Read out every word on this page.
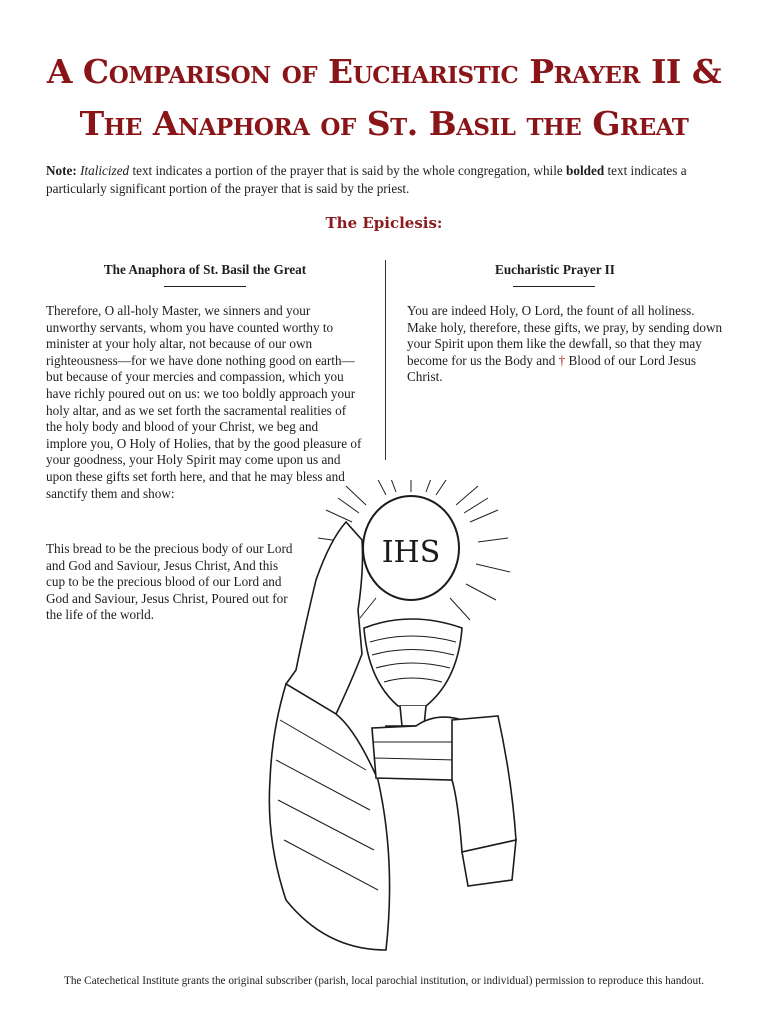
A Comparison of Eucharistic Prayer II &
The Anaphora of St. Basil the Great

Note: Italicized text indicates a portion of the prayer that is said by the whole congregation, while bolded text indicates a particularly significant portion of the prayer that is said by the priest.

The Epiclesis:
The Anaphora of St. Basil the Great	Eucharistic Prayer II

Therefore, O all-holy Master, we sinners and your unworthy servants, whom you have counted worthy to minister at your holy altar, not because of our own righteousness—for we have done nothing good on earth—but because of your mercies and compassion, which you have richly poured out on us: we too boldly approach your holy altar, and as we set forth the sacramental realities of the holy body and blood of your Christ, we beg and implore you, O Holy of Holies, that by the good pleasure of your goodness, your Holy Spirit may come upon us and upon these gifts set forth here, and that he may bless and sanctify them and show:

This bread to be the precious body of our Lord and God and Saviour, Jesus Christ, And this cup to be the precious blood of our Lord and God and Saviour, Jesus Christ, Poured out for the life of the world.

You are indeed Holy, O Lord, the fount of all holiness. Make holy, therefore, these gifts, we pray, by sending down your Spirit upon them like the dewfall, so that they may become for us the Body and † Blood of our Lord Jesus Christ.

IHS

The Catechetical Institute grants the original subscriber (parish, local parochial institution, or individual) permission to reproduce this handout.
